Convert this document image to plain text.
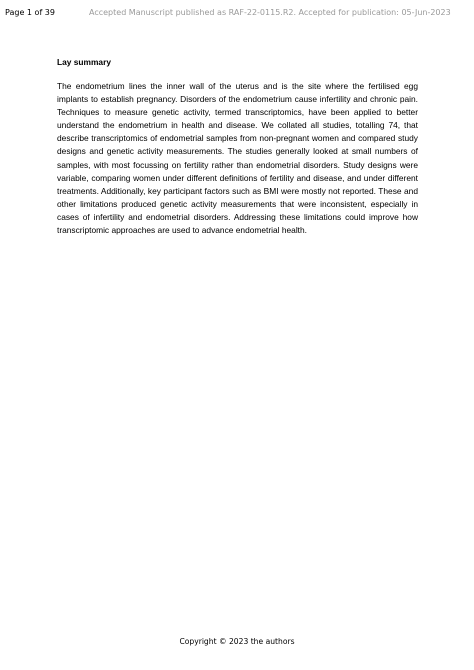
Page 1 of 39	Accepted Manuscript published as RAF-22-0115.R2. Accepted for publication: 05-Jun-2023
Lay summary

The endometrium lines the inner wall of the uterus and is the site where the fertilised egg implants to establish pregnancy. Disorders of the endometrium cause infertility and chronic pain. Techniques to measure genetic activity, termed transcriptomics, have been applied to better understand the endometrium in health and disease. We collated all studies, totalling 74, that describe transcriptomics of endometrial samples from non-pregnant women and compared study designs and genetic activity measurements. The studies generally looked at small numbers of samples, with most focussing on fertility rather than endometrial disorders. Study designs were variable, comparing women under different definitions of fertility and disease, and under different treatments. Additionally, key participant factors such as BMI were mostly not reported. These and other limitations produced genetic activity measurements that were inconsistent, especially in cases of infertility and endometrial disorders. Addressing these limitations could improve how transcriptomic approaches are used to advance endometrial health.

Copyright © 2023 the authors
